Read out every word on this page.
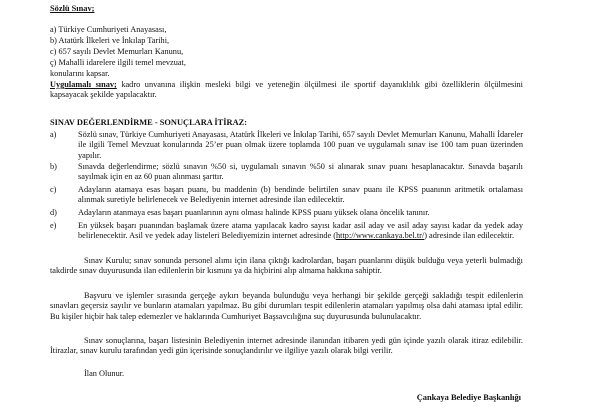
Sözlü Sınav;
a) Türkiye Cumhuriyeti Anayasası,
b) Atatürk İlkeleri ve İnkılap Tarihi,
c) 657 sayılı Devlet Memurları Kanunu,
ç) Mahalli idarelere ilgili temel mevzuat,
konularını kapsar.

Uygulamalı sınav; kadro unvanına ilişkin mesleki bilgi ve yeteneğin ölçülmesi ile sportif dayanıklılık gibi özelliklerin ölçülmesini kapsayacak şekilde yapılacaktır.

SINAV DEĞERLENDİRME - SONUÇLARA İTİRAZ:
a)	Sözlü sınav, Türkiye Cumhuriyeti Anayasası, Atatürk İlkeleri ve İnkılap Tarihi, 657 sayılı Devlet Memurları Kanunu, Mahalli İdareler ile ilgili Temel Mevzuat konularında 25’er puan olmak üzere toplamda 100 puan ve uygulamalı sınav ise 100 tam puan üzerinden yapılır.
b)	Sınavda değerlendirme; sözlü sınavın %50 si, uygulamalı sınavın %50 si alınarak sınav puanı hesaplanacaktır. Sınavda başarılı sayılmak için en az 60 puan alınması şarttır.
c)	Adayların atamaya esas başarı puanı, bu maddenin (b) bendinde belirtilen sınav puanı ile KPSS puanının aritmetik ortalaması alınmak suretiyle belirlenecek ve Belediyenin internet adresinde ilan edilecektir.
d)	Adayların atanmaya esas başarı puanlarının aynı olması halinde KPSS puanı yüksek olana öncelik tanınır.
e)	En yüksek başarı puanından başlamak üzere atama yapılacak kadro sayısı kadar asil aday ve asil aday sayısı kadar da yedek aday belirlenecektir. Asil ve yedek aday listeleri Belediyemizin internet adresinde (http://www.cankaya.bel.tr/) adresinde ilan edilecektir.

Sınav Kurulu; sınav sonunda personel alımı için ilana çıktığı kadrolardan, başarı puanlarını düşük bulduğu veya yeterli bulmadığı takdirde sınav duyurusunda ilan edilenlerin bir kısmını ya da hiçbirini alıp almama hakkına sahiptir.

Başvuru ve işlemler sırasında gerçeğe aykırı beyanda bulunduğu veya herhangi bir şekilde gerçeği sakladığı tespit edilenlerin sınavları geçersiz sayılır ve bunların atamaları yapılmaz. Bu gibi durumları tespit edilenlerin atamaları yapılmış olsa dahi ataması iptal edilir. Bu kişiler hiçbir hak talep edemezler ve haklarında Cumhuriyet Başsavcılığına suç duyurusunda bulunulacaktır.

Sınav sonuçlarına, başarı listesinin Belediyenin internet adresinde ilanından itibaren yedi gün içinde yazılı olarak itiraz edilebilir. İtirazlar, sınav kurulu tarafından yedi gün içerisinde sonuçlandırılır ve ilgiliye yazılı olarak bilgi verilir.

İlan Olunur.

Çankaya Belediye Başkanlığı
